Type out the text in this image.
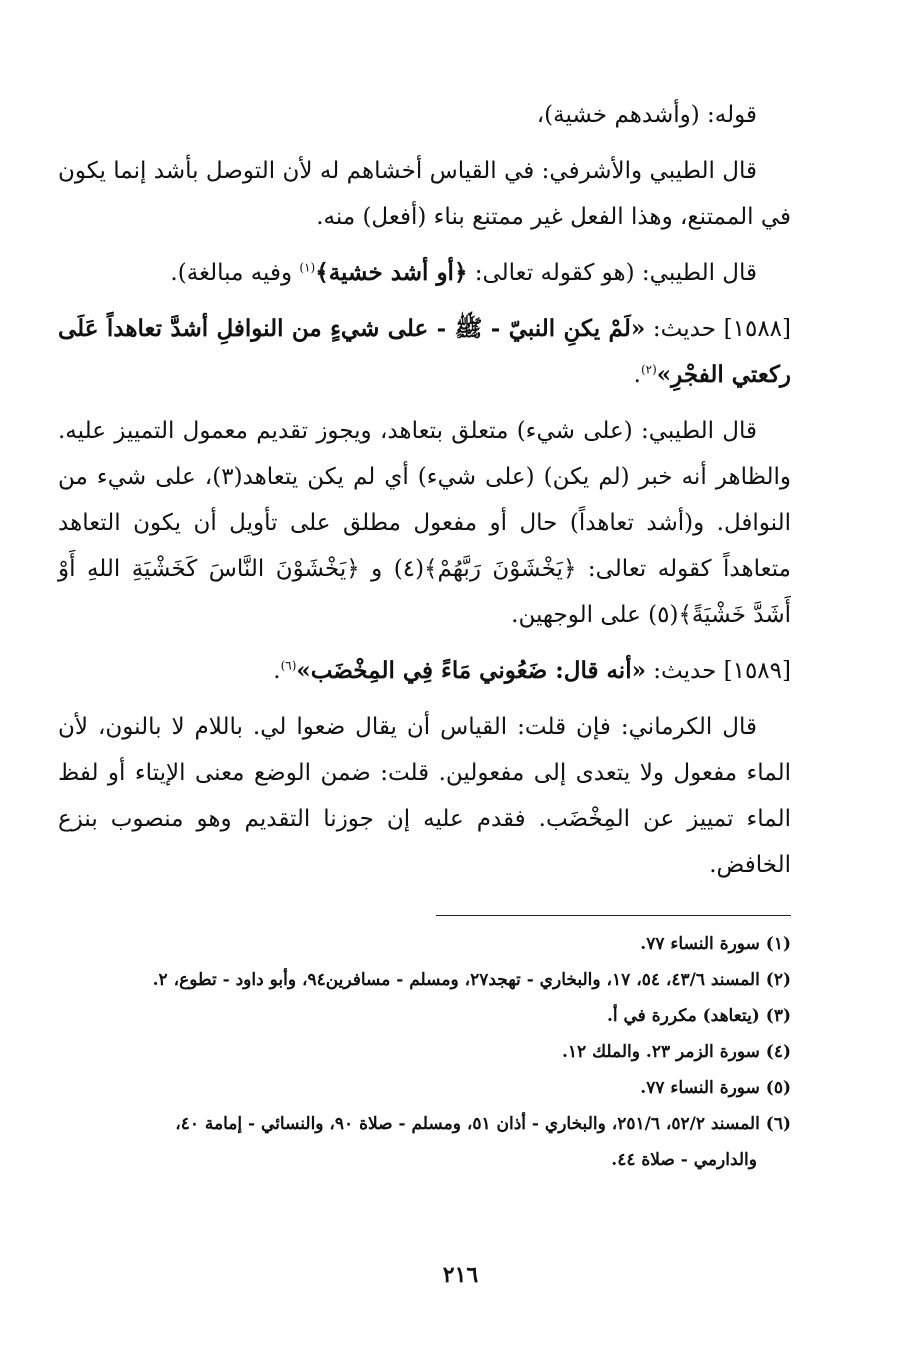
قوله: (وأشدهم خشية)،

قال الطيبي والأشرفي: في القياس أخشاهم له لأن التوصل بأشد إنما يكون في الممتنع، وهذا الفعل غير ممتنع بناء (أفعل) منه.

قال الطيبي: (هو كقوله تعالى: ﴿أو أشد خشية﴾$^{(١)}$ وفيه مبالغة).

[١٥٨٨] حديث: «لَمْ يكنِ النبيّ - ﷺ - على شيءٍ من النوافلِ أشدَّ تعاهداً عَلَى ركعتي الفجْرِ»$^{(٢)}$.

قال الطيبي: (على شيء) متعلق بتعاهد، ويجوز تقديم معمول التمييز عليه. والظاهر أنه خبر (لم يكن) (على شيء) أي لم يكن يتعاهد(٣)، على شيء من النوافل. و(أشد تعاهداً) حال أو مفعول مطلق على تأويل أن يكون التعاهد متعاهداً كقوله تعالى: ﴿يَخْشَوْنَ رَبَّهُمْ﴾(٤) و ﴿يَخْشَوْنَ النَّاسَ كَخَشْيَةِ اللهِ أَوْ أَشَدَّ خَشْيَةً﴾(٥) على الوجهين.

[١٥٨٩] حديث: «أنه قال: ضَعُوني مَاءً فِي المِخْضَب»$^{(٦)}$.

قال الكرماني: فإن قلت: القياس أن يقال ضعوا لي. باللام لا بالنون، لأن الماء مفعول ولا يتعدى إلى مفعولين. قلت: ضمن الوضع معنى الإيتاء أو لفظ الماء تمييز عن المِخْضَب. فقدم عليه إن جوزنا التقديم وهو منصوب بنزع الخافض.

(١) سورة النساء ٧٧.

(٢) المسند ٤٣/٦، ٥٤، ١٧، والبخاري - تهجد٢٧، ومسلم - مسافرين٩٤، وأبو داود - تطوع، ٢.

(٣) (يتعاهد) مكررة في أ.

(٤) سورة الزمر ٢٣. والملك ١٢.

(٥) سورة النساء ٧٧.

(٦) المسند ٥٢/٢، ٢٥١/٦، والبخاري - أذان ٥١، ومسلم - صلاة ٩٠، والنسائي - إمامة ٤٠،
والدارمي - صلاة ٤٤.

٢١٦
